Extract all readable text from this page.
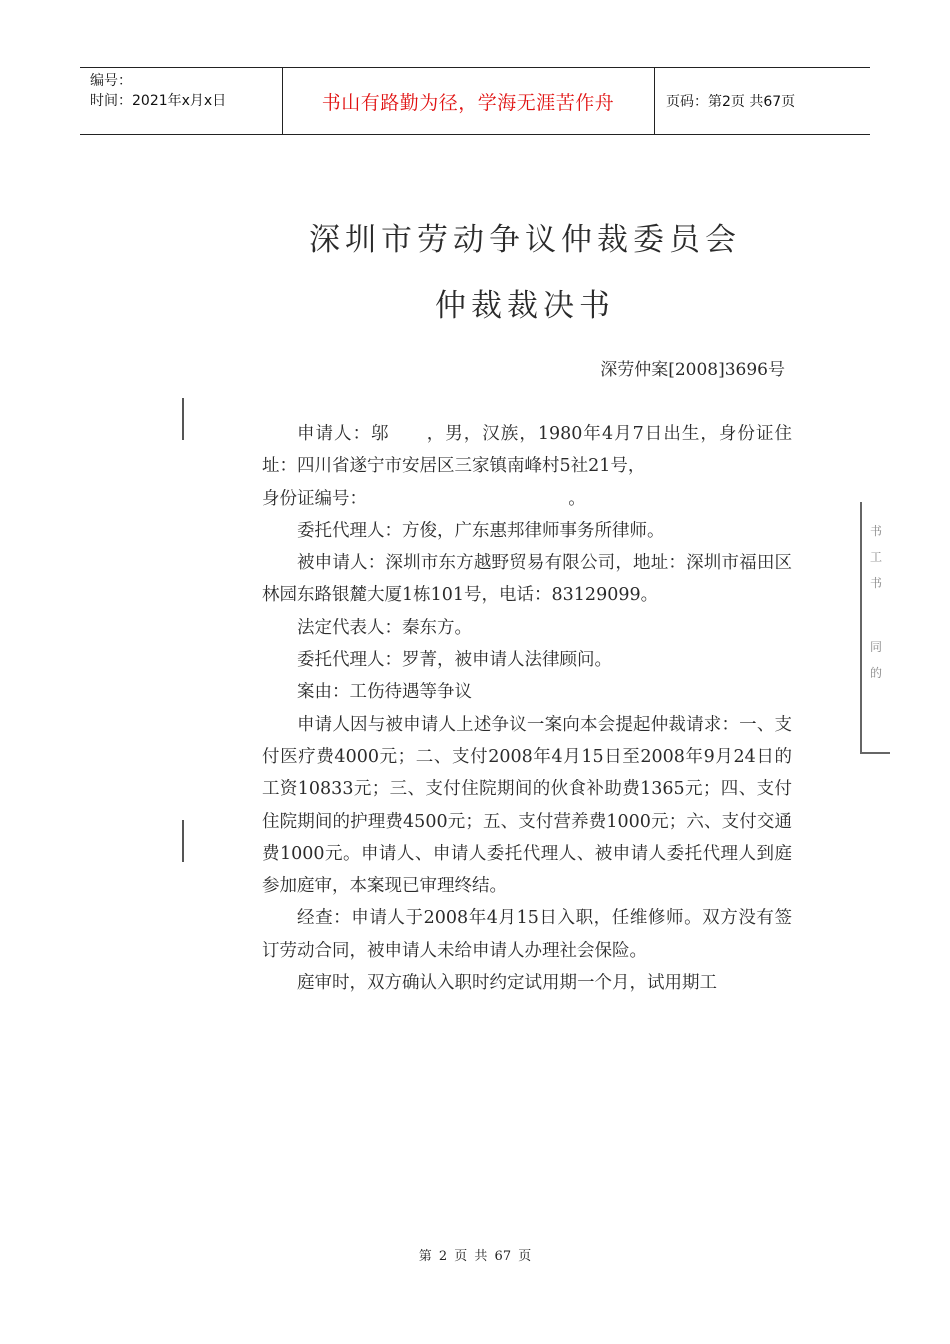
编号：
时间：2021年x月x日	书山有路勤为径，学海无涯苦作舟	页码：第2页 共67页
深圳市劳动争议仲裁委员会
仲裁裁决书
深劳仲案[2008]3696号

申请人：邬　　，男，汉族，1980年4月7日出生，身份证住址：四川省遂宁市安居区三家镇南峰村5社21号，

身份证编号：　　　　　　　　　　　　。

委托代理人：方俊，广东惠邦律师事务所律师。

被申请人：深圳市东方越野贸易有限公司，地址：深圳市福田区林园东路银麓大厦1栋101号，电话：83129099。

法定代表人：秦东方。

委托代理人：罗菁，被申请人法律顾问。

案由：工伤待遇等争议

申请人因与被申请人上述争议一案向本会提起仲裁请求：一、支付医疗费4000元；二、支付2008年4月15日至2008年9月24日的工资10833元；三、支付住院期间的伙食补助费1365元；四、支付住院期间的护理费4500元；五、支付营养费1000元；六、支付交通费1000元。申请人、申请人委托代理人、被申请人委托代理人到庭参加庭审，本案现已审理终结。

经查：申请人于2008年4月15日入职，任维修师。双方没有签订劳动合同，被申请人未给申请人办理社会保险。

庭审时，双方确认入职时约定试用期一个月，试用期工

书
工
书
同
的
第 2 页 共 67 页
